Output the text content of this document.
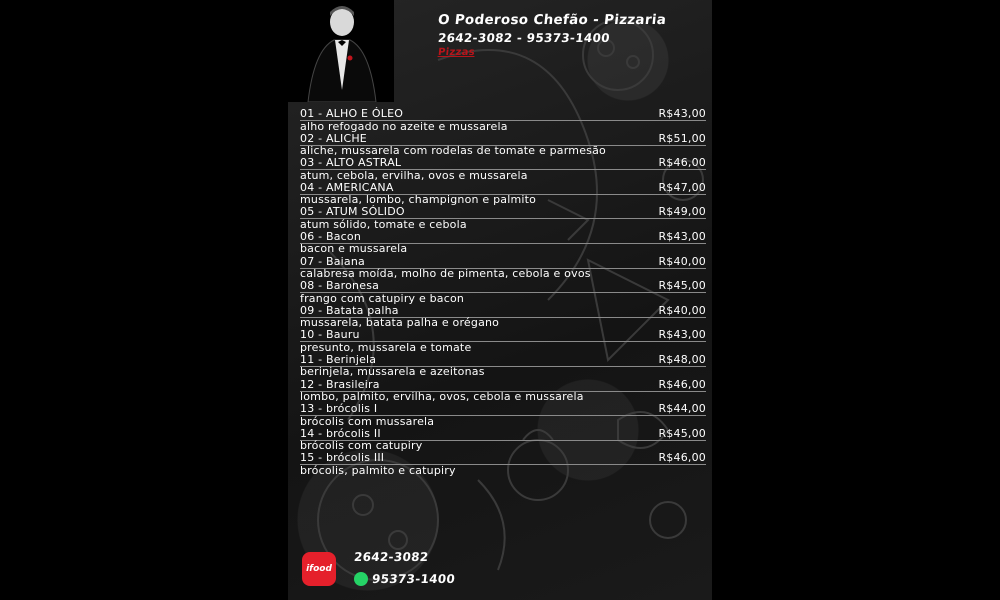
O Poderoso Chefão - Pizzaria
2642-3082 - 95373-1400
Pizzas
01 - ALHO E ÓLEO	R$43,00
alho refogado no azeite e mussarela
02 - ALICHE	R$51,00
aliche, mussarela com rodelas de tomate e parmesão
03 - ALTO ASTRAL	R$46,00
atum, cebola, ervilha, ovos e mussarela
04 - AMERICANA	R$47,00
mussarela, lombo, champignon e palmito
05 - ATUM SÓLIDO	R$49,00
atum sólido, tomate e cebola
06 - Bacon	R$43,00
bacon e mussarela
07 - Baiana	R$40,00
calabresa moída, molho de pimenta, cebola e ovos
08 - Baronesa	R$45,00
frango com catupiry e bacon
09 - Batata palha	R$40,00
mussarela, batata palha e orégano
10 - Bauru	R$43,00
presunto, mussarela e tomate
11 - Berinjela	R$48,00
berinjela, mussarela e azeitonas
12 - Brasileira	R$46,00
lombo, palmito, ervilha, ovos, cebola e mussarela
13 - brócolis I	R$44,00
brócolis com mussarela
14 - brócolis II	R$45,00
brócolis com catupiry
15 - brócolis III	R$46,00
brócolis, palmito e catupiry
ifood
2642-3082
95373-1400
